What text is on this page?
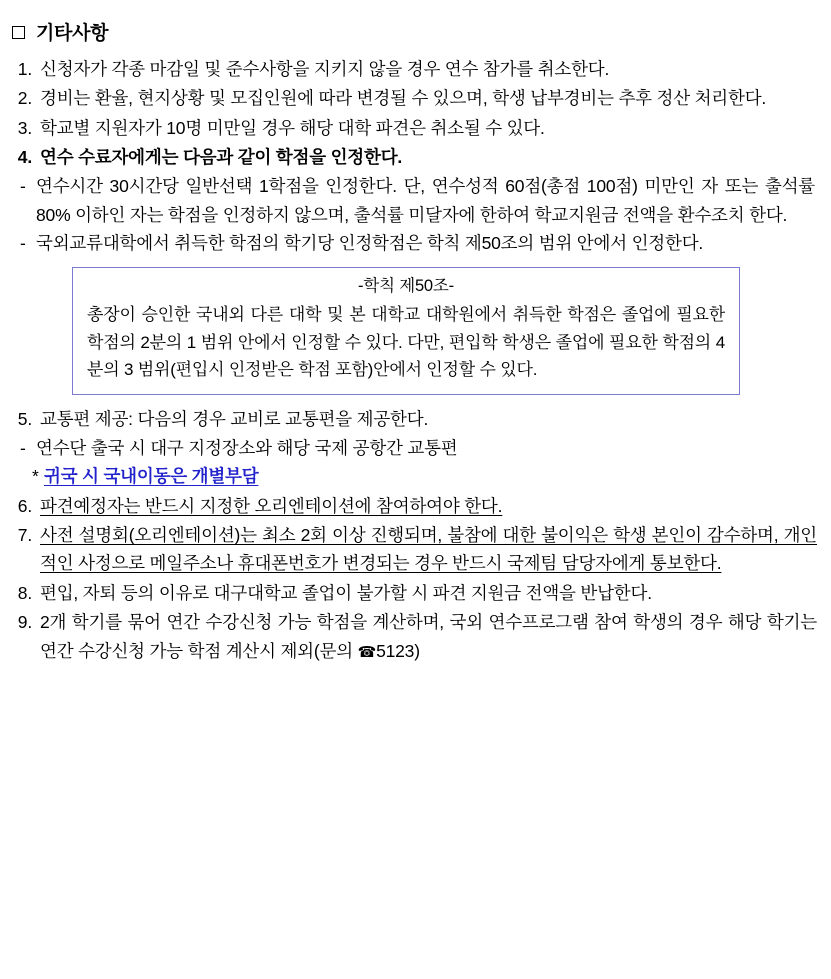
기타사항
1. 신청자가 각종 마감일 및 준수사항을 지키지 않을 경우 연수 참가를 취소한다.
2. 경비는 환율, 현지상황 및 모집인원에 따라 변경될 수 있으며, 학생 납부경비는 추후 정산 처리한다.
3. 학교별 지원자가 10명 미만일 경우 해당 대학 파견은 취소될 수 있다.
4. 연수 수료자에게는 다음과 같이 학점을 인정한다.
- 연수시간 30시간당 일반선택 1학점을 인정한다. 단, 연수성적 60점(총점 100점) 미만인 자 또는 출석률 80% 이하인 자는 학점을 인정하지 않으며, 출석률 미달자에 한하여 학교지원금 전액을 환수조치 한다.
- 국외교류대학에서 취득한 학점의 학기당 인정학점은 학칙 제50조의 범위 안에서 인정한다.
-학칙 제50조-
총장이 승인한 국내외 다른 대학 및 본 대학교 대학원에서 취득한 학점은 졸업에 필요한 학점의 2분의 1 범위 안에서 인정할 수 있다. 다만, 편입학 학생은 졸업에 필요한 학점의 4분의 3 범위(편입시 인정받은 학점 포함)안에서 인정할 수 있다.
5. 교통편 제공: 다음의 경우 교비로 교통편을 제공한다.
- 연수단 출국 시 대구 지정장소와 해당 국제 공항간 교통편
* 귀국 시 국내이동은 개별부담
6. 파견예정자는 반드시 지정한 오리엔테이션에 참여하여야 한다.
7. 사전 설명회(오리엔테이션)는 최소 2회 이상 진행되며, 불참에 대한 불이익은 학생 본인이 감수하며, 개인적인 사정으로 메일주소나 휴대폰번호가 변경되는 경우 반드시 국제팀 담당자에게 통보한다.
8. 편입, 자퇴 등의 이유로 대구대학교 졸업이 불가할 시 파견 지원금 전액을 반납한다.
9. 2개 학기를 묶어 연간 수강신청 가능 학점을 계산하며, 국외 연수프로그램 참여 학생의 경우 해당 학기는 연간 수강신청 가능 학점 계산시 제외(문의 ☎5123)
